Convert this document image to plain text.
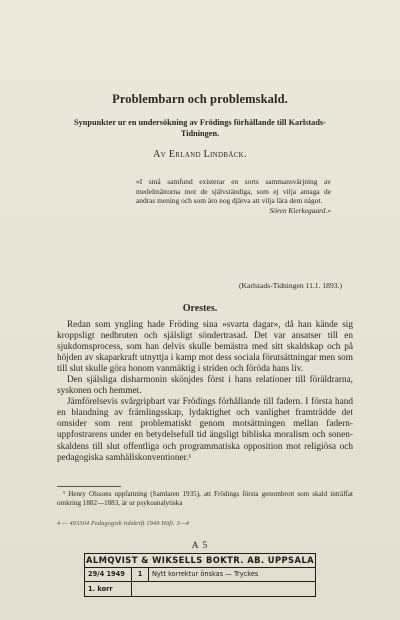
Problembarn och problemskald.
Synpunkter ur en undersökning av Frödings förhållande till Karlstads-Tidningen.
Av Erland Lindbäck.
»I små samfund existerar en sorts sammansvärjning av medelmåttorna mot de självständiga, som ej vilja antaga de andras mening och som äro nog djärva att vilja lära dem något.
Sören Kierkegaard.»
(Karlstads-Tidningen 11.1. 1893.)
Orestes.

Redan som yngling hade Fröding sina »svarta dagar», då han kände sig kroppsligt nedbruten och själsligt söndertrasad. Det var ansatser till en sjukdomsprocess, som han delvis skulle bemästra med sitt skaldskap och på höjden av skaparkraft utnyttja i kamp mot dess sociala förutsättningar men som till slut skulle göra honom vanmäktig i striden och föröda hans liv.

Den själsliga disharmonin skönjdes först i hans relationer till föräldrarna, syskonen och hemmet.

Jämförelsevis svårgripbart var Frödings förhållande till fadern. I första hand en blandning av främlingsskap, lydaktighet och vanlighet framträdde det omsider som rent problematiskt genom motsättningen mellan fadern-uppfostrarens under en betydelsefull tid ängsligt bibliska moralism och sonen-skaldens till slut offentliga och programmatiska opposition mot religiösa och pedagogiska samhällskonventioner.¹

¹ Henry Olssons uppfattning (Samlaren 1935), att Frödings första genombrott som skald inträffat omkring 1882—1883, är ur psykoanalytiska

4 — 493304 Pedagogisk tidskrift 1949 Häft. 3—4
A 5
ALMQVIST & WIKSELLS BOKTR. AB. UPPSALA
29/4 1949	1	Nytt korrektur önskas — Tryckes
1. korr
